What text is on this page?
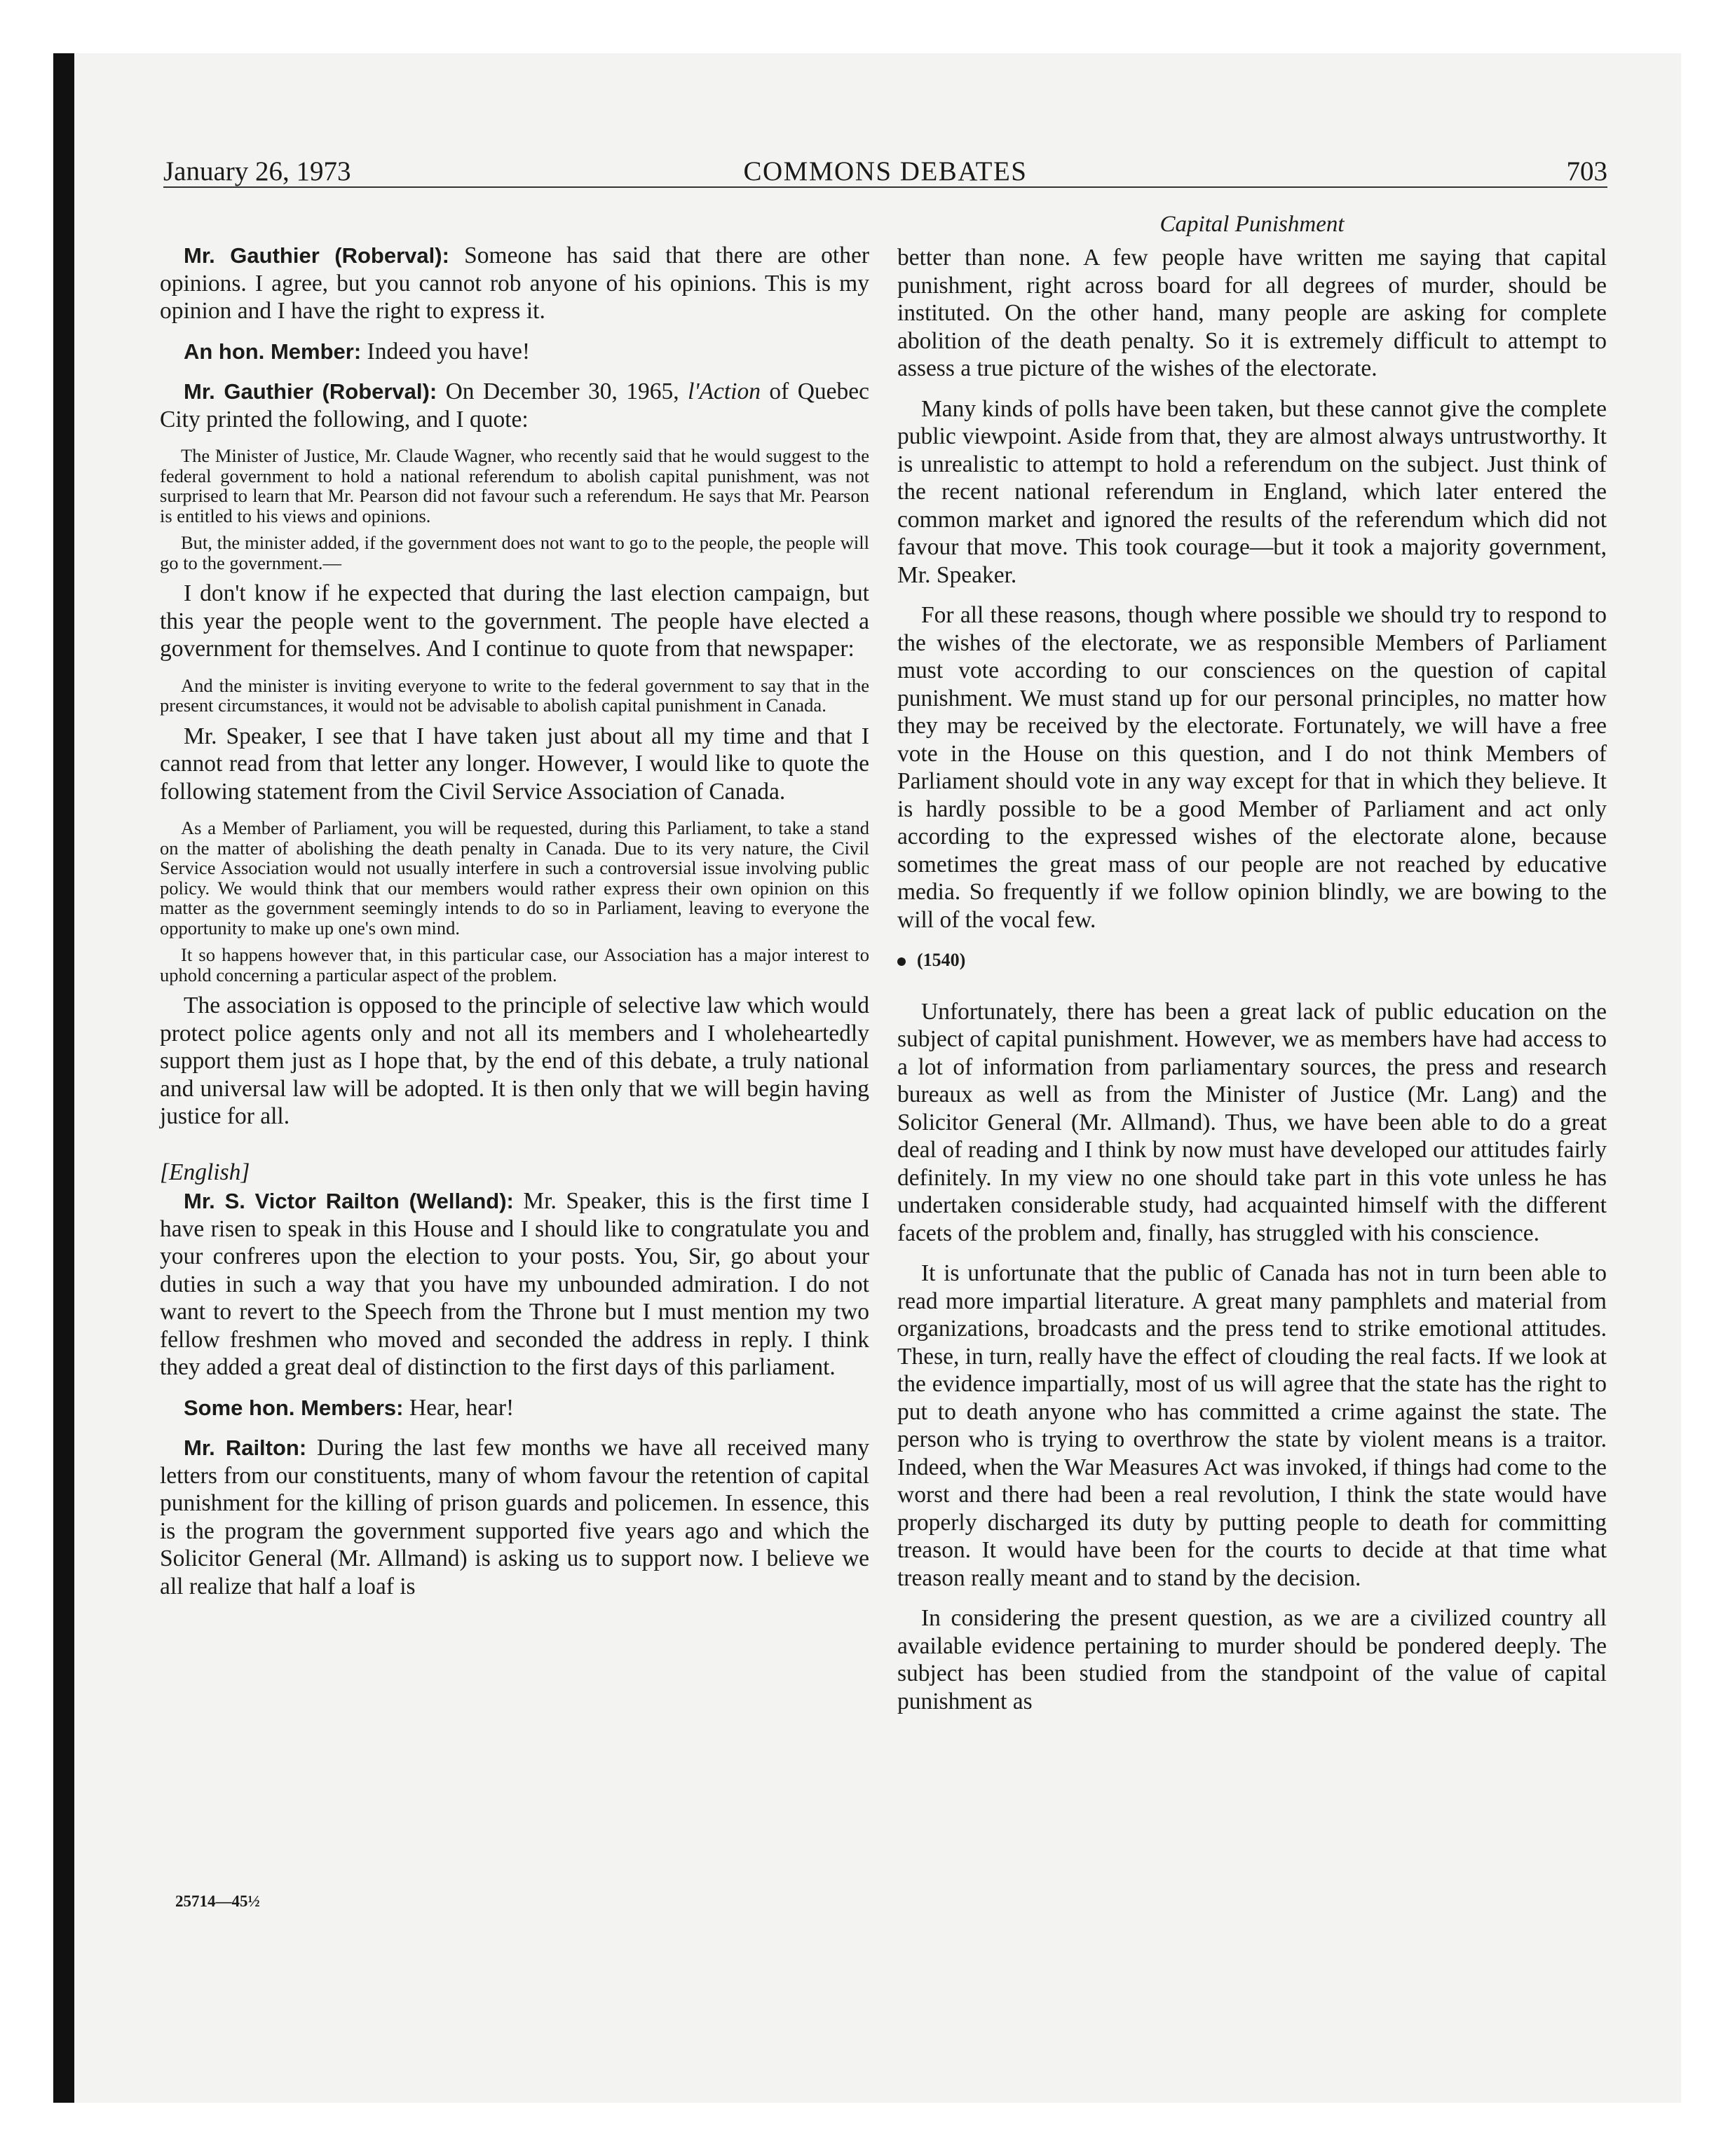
January 26, 1973	COMMONS DEBATES	703

Mr. Gauthier (Roberval): Someone has said that there are other opinions. I agree, but you cannot rob anyone of his opinions. This is my opinion and I have the right to express it.

An hon. Member: Indeed you have!

Mr. Gauthier (Roberval): On December 30, 1965, l'Action of Quebec City printed the following, and I quote:

The Minister of Justice, Mr. Claude Wagner, who recently said that he would suggest to the federal government to hold a national referendum to abolish capital punishment, was not surprised to learn that Mr. Pearson did not favour such a referendum. He says that Mr. Pearson is entitled to his views and opinions.

But, the minister added, if the government does not want to go to the people, the people will go to the government.—

I don't know if he expected that during the last election campaign, but this year the people went to the government. The people have elected a government for themselves. And I continue to quote from that newspaper:

And the minister is inviting everyone to write to the federal government to say that in the present circumstances, it would not be advisable to abolish capital punishment in Canada.

Mr. Speaker, I see that I have taken just about all my time and that I cannot read from that letter any longer. However, I would like to quote the following statement from the Civil Service Association of Canada.

As a Member of Parliament, you will be requested, during this Parliament, to take a stand on the matter of abolishing the death penalty in Canada. Due to its very nature, the Civil Service Association would not usually interfere in such a controversial issue involving public policy. We would think that our members would rather express their own opinion on this matter as the government seemingly intends to do so in Parliament, leaving to everyone the opportunity to make up one's own mind.

It so happens however that, in this particular case, our Association has a major interest to uphold concerning a particular aspect of the problem.

The association is opposed to the principle of selective law which would protect police agents only and not all its members and I wholeheartedly support them just as I hope that, by the end of this debate, a truly national and universal law will be adopted. It is then only that we will begin having justice for all.

[English]

Mr. S. Victor Railton (Welland): Mr. Speaker, this is the first time I have risen to speak in this House and I should like to congratulate you and your confreres upon the election to your posts. You, Sir, go about your duties in such a way that you have my unbounded admiration. I do not want to revert to the Speech from the Throne but I must mention my two fellow freshmen who moved and seconded the address in reply. I think they added a great deal of distinction to the first days of this parliament.

Some hon. Members: Hear, hear!

Mr. Railton: During the last few months we have all received many letters from our constituents, many of whom favour the retention of capital punishment for the killing of prison guards and policemen. In essence, this is the program the government supported five years ago and which the Solicitor General (Mr. Allmand) is asking us to support now. I believe we all realize that half a loaf is

Capital Punishment

better than none. A few people have written me saying that capital punishment, right across board for all degrees of murder, should be instituted. On the other hand, many people are asking for complete abolition of the death penalty. So it is extremely difficult to attempt to assess a true picture of the wishes of the electorate.

Many kinds of polls have been taken, but these cannot give the complete public viewpoint. Aside from that, they are almost always untrustworthy. It is unrealistic to attempt to hold a referendum on the subject. Just think of the recent national referendum in England, which later entered the common market and ignored the results of the referendum which did not favour that move. This took courage—but it took a majority government, Mr. Speaker.

For all these reasons, though where possible we should try to respond to the wishes of the electorate, we as responsible Members of Parliament must vote according to our consciences on the question of capital punishment. We must stand up for our personal principles, no matter how they may be received by the electorate. Fortunately, we will have a free vote in the House on this question, and I do not think Members of Parliament should vote in any way except for that in which they believe. It is hardly possible to be a good Member of Parliament and act only according to the expressed wishes of the electorate alone, because sometimes the great mass of our people are not reached by educative media. So frequently if we follow opinion blindly, we are bowing to the will of the vocal few.

(1540)

Unfortunately, there has been a great lack of public education on the subject of capital punishment. However, we as members have had access to a lot of information from parliamentary sources, the press and research bureaux as well as from the Minister of Justice (Mr. Lang) and the Solicitor General (Mr. Allmand). Thus, we have been able to do a great deal of reading and I think by now must have developed our attitudes fairly definitely. In my view no one should take part in this vote unless he has undertaken considerable study, had acquainted himself with the different facets of the problem and, finally, has struggled with his conscience.

It is unfortunate that the public of Canada has not in turn been able to read more impartial literature. A great many pamphlets and material from organizations, broadcasts and the press tend to strike emotional attitudes. These, in turn, really have the effect of clouding the real facts. If we look at the evidence impartially, most of us will agree that the state has the right to put to death anyone who has committed a crime against the state. The person who is trying to overthrow the state by violent means is a traitor. Indeed, when the War Measures Act was invoked, if things had come to the worst and there had been a real revolution, I think the state would have properly discharged its duty by putting people to death for committing treason. It would have been for the courts to decide at that time what treason really meant and to stand by the decision.

In considering the present question, as we are a civilized country all available evidence pertaining to murder should be pondered deeply. The subject has been studied from the standpoint of the value of capital punishment as

25714—45½
